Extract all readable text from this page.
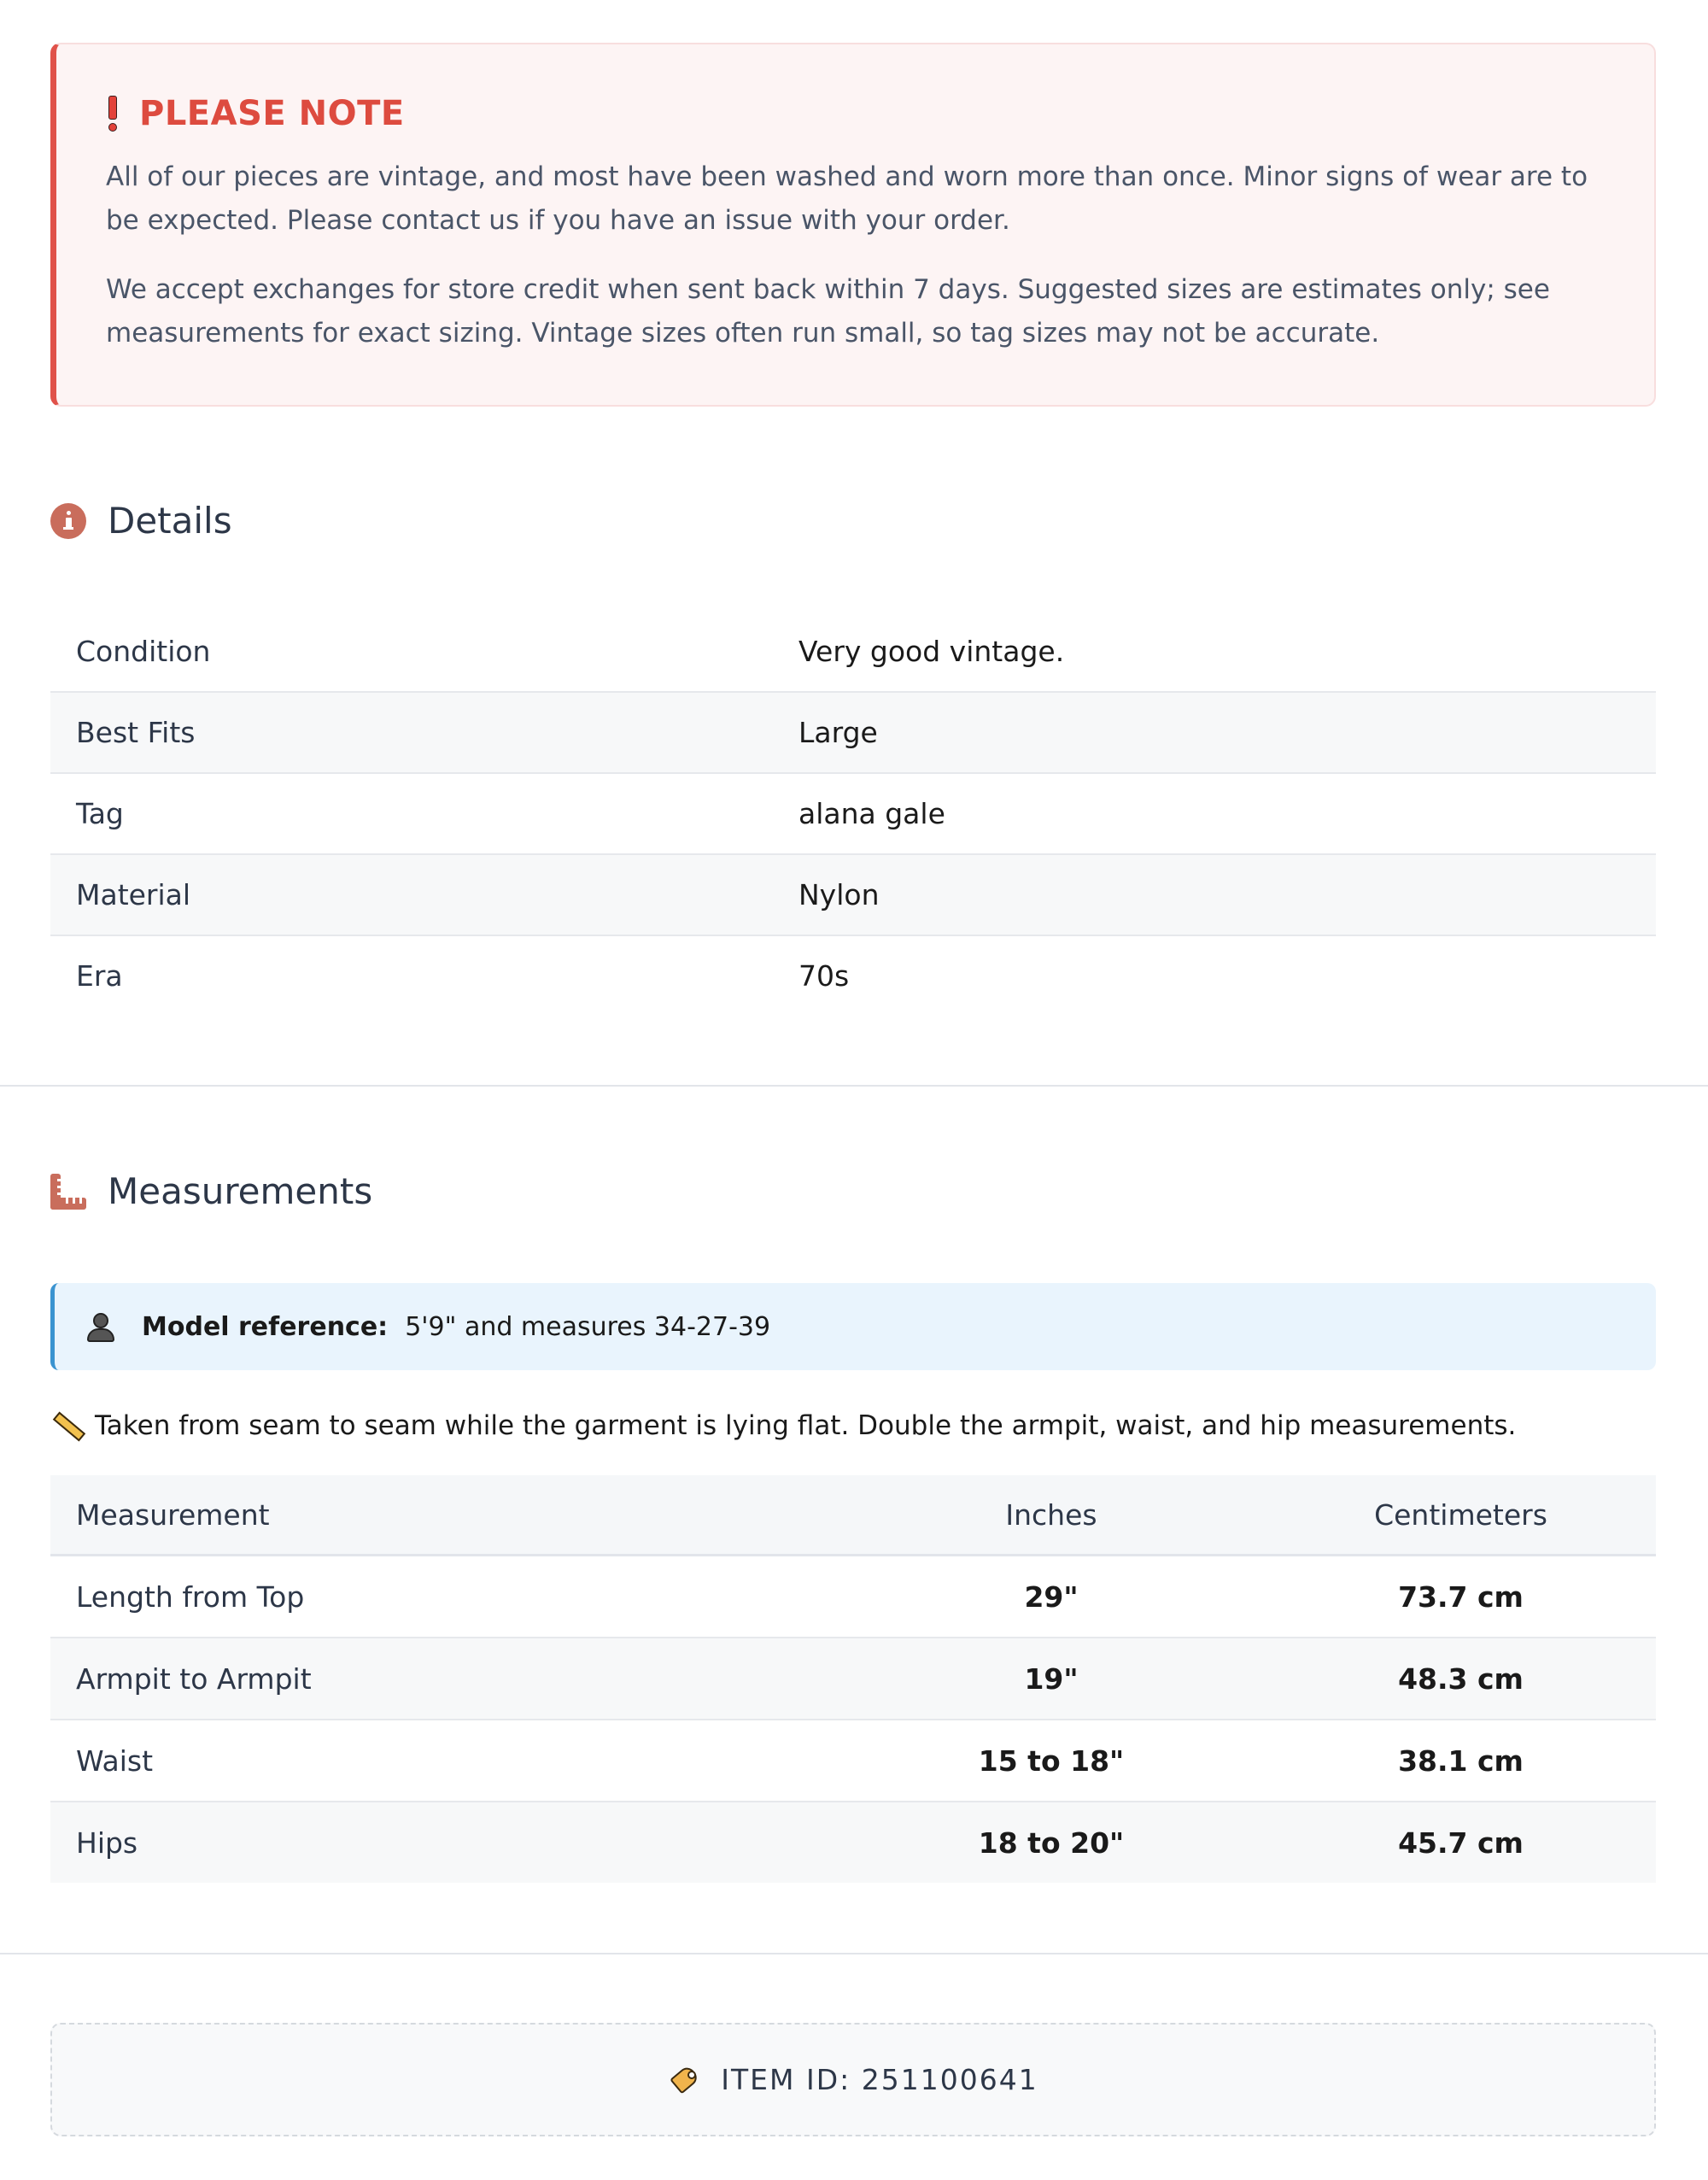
PLEASE NOTE

All of our pieces are vintage, and most have been washed and worn more than once. Minor signs of wear are to be expected. Please contact us if you have an issue with your order.

We accept exchanges for store credit when sent back within 7 days. Suggested sizes are estimates only; see measurements for exact sizing. Vintage sizes often run small, so tag sizes may not be accurate.

Details
Condition	Very good vintage.
Best Fits	Large
Tag	alana gale
Material	Nylon
Era	70s
Measurements
Model reference: 5'9" and measures 34-27-39
Taken from seam to seam while the garment is lying flat. Double the armpit, waist, and hip measurements.
Measurement	Inches	Centimeters
Length from Top	29"	73.7 cm
Armpit to Armpit	19"	48.3 cm
Waist	15 to 18"	38.1 cm
Hips	18 to 20"	45.7 cm
ITEM ID: 251100641
